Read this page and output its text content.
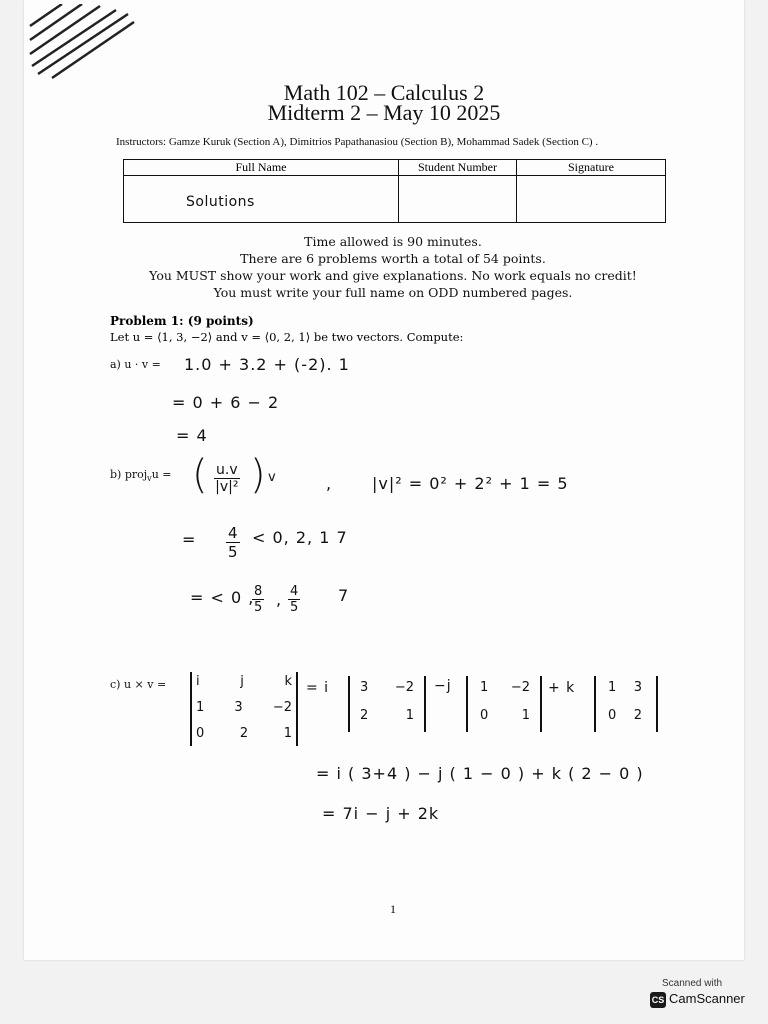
Math 102 – Calculus 2
Midterm 2 – May 10 2025
Instructors: Gamze Kuruk (Section A), Dimitrios Papathanasiou (Section B), Mohammad Sadek (Section C) .
Full Name	Student Number	Signature

Solutions
Time allowed is 90 minutes.
There are 6 problems worth a total of 54 points.
You MUST show your work and give explanations. No work equals no credit!
You must write your full name on ODD numbered pages.
Problem 1: (9 points)
Let u = ⟨1, 3, −2⟩ and v = ⟨0, 2, 1⟩ be two vectors. Compute:
a) u · v = 1.0 + 3.2 + (-2). 1
= 0 + 6 − 2
= 4
b) proj$_v$u = ( $\frac{u.v}{\text{|v|²}}$ ) v	, |v|² = 0² + 2² + 1 = 5
= $\frac{4}{5} < 0$, 2, 1 7
= < 0 ,
$\frac{8}{5}$ , $\frac{4}{5} 7$
c) u × v = i	j	k
1 3 −2
0	2	1
= i 3 −2
2	1
−j 1 −2
0	1
+ k	1 3
0 2
= i ( 3+4 ) − j ( 1 − 0 ) + k ( 2 − 0 )
= 7i − j + 2k
1
Scanned with
CS CamScanner
